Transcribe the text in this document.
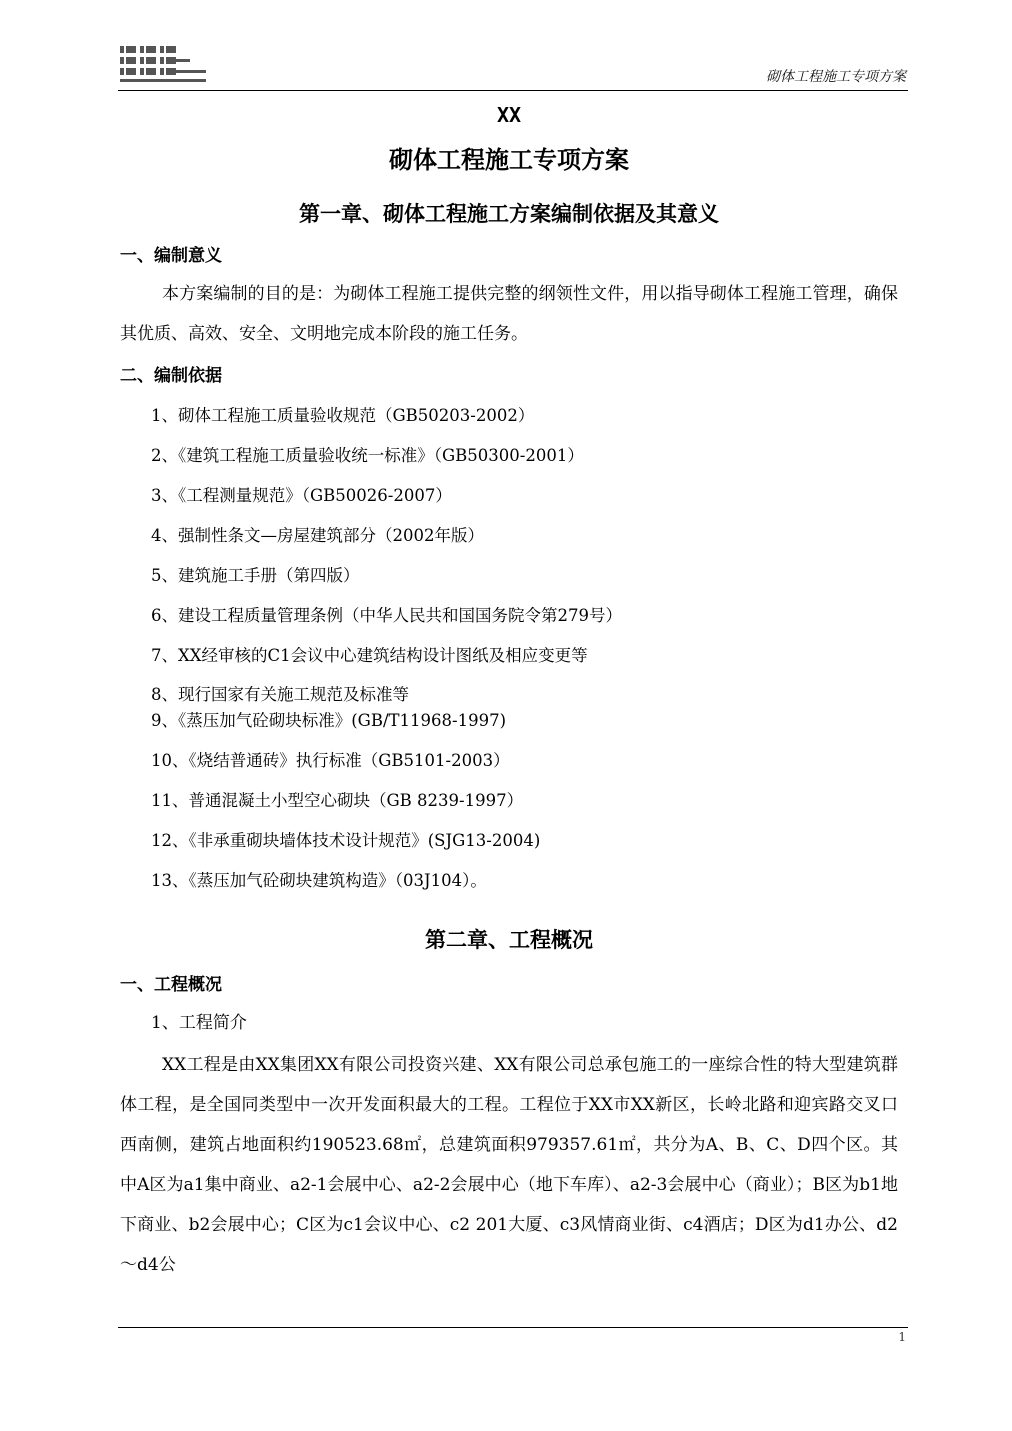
砌体工程施工专项方案
XX
砌体工程施工专项方案
第一章、砌体工程施工方案编制依据及其意义
一、编制意义

本方案编制的目的是：为砌体工程施工提供完整的纲领性文件，用以指导砌体工程施工管理，确保其优质、高效、安全、文明地完成本阶段的施工任务。

二、编制依据
1、砌体工程施工质量验收规范（GB50203-2002）
2、《建筑工程施工质量验收统一标准》（GB50300-2001）
3、《工程测量规范》（GB50026-2007）
4、强制性条文—房屋建筑部分（2002年版）
5、建筑施工手册（第四版）
6、建设工程质量管理条例（中华人民共和国国务院令第279号）
7、XX经审核的C1会议中心建筑结构设计图纸及相应变更等
8、现行国家有关施工规范及标准等
9、《蒸压加气砼砌块标准》(GB/T11968-1997)
10、《烧结普通砖》执行标准（GB5101-2003）
11、普通混凝土小型空心砌块（GB 8239-1997）
12、《非承重砌块墙体技术设计规范》(SJG13-2004)
13、《蒸压加气砼砌块建筑构造》（03J104）。
第二章、工程概况
一、工程概况

1、工程简介

XX工程是由XX集团XX有限公司投资兴建、XX有限公司总承包施工的一座综合性的特大型建筑群体工程，是全国同类型中一次开发面积最大的工程。工程位于XX市XX新区，长岭北路和迎宾路交叉口西南侧，建筑占地面积约190523.68㎡，总建筑面积979357.61㎡，共分为A、B、C、D四个区。其中A区为a1集中商业、a2-1会展中心、a2-2会展中心（地下车库）、a2-3会展中心（商业）；B区为b1地下商业、b2会展中心；C区为c1会议中心、c2 201大厦、c3风情商业街、c4酒店；D区为d1办公、d2～d4公

1
